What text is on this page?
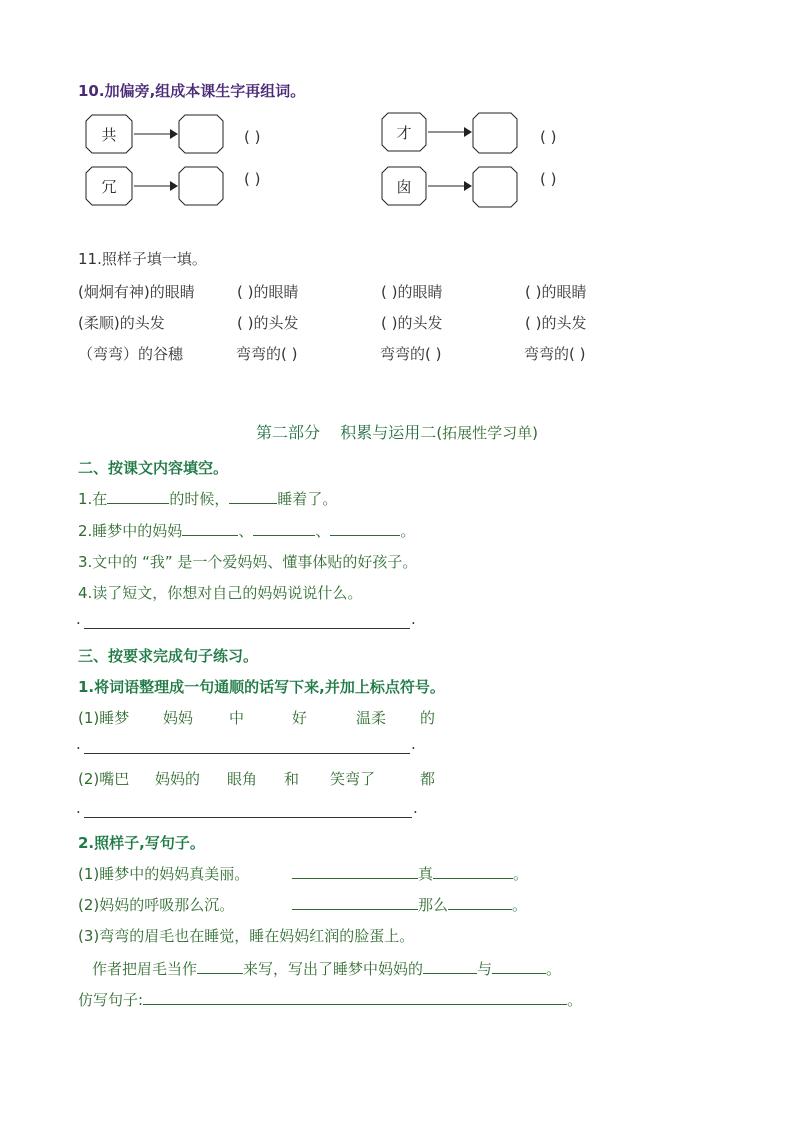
10.加偏旁,组成本课生字再组词。
共	( )
冗	( )
才	( )
囱	( )
11.照样子填一填。
(炯炯有神)的眼睛	( )的眼睛	( )的眼睛	( )的眼睛
(柔顺)的头发	( )的头发	( )的头发	( )的头发
（弯弯）的谷穗	弯弯的( )	弯弯的( )	弯弯的( )
第二部分    积累与运用二(拓展性学习单)
二、按课文内容填空。
1.在	的时候，	睡着了。
2.睡梦中的妈妈	、	、	。
3.文中的 “我” 是一个爱妈妈、懂事体贴的好孩子。
4.读了短文，你想对自己的妈妈说说什么。
.	.
三、按要求完成句子练习。
1.将词语整理成一句通顺的话写下来,并加上标点符号。
(1)睡梦 妈妈 中	好	温柔 的
.	.
(2)嘴巴 妈妈的 眼角 和 笑弯了	都
.	.
2.照样子,写句子。
(1)睡梦中的妈妈真美丽。	真	。
(2)妈妈的呼吸那么沉。	那么	。
(3)弯弯的眉毛也在睡觉，睡在妈妈红润的脸蛋上。
作者把眉毛当作	来写，写出了睡梦中妈妈的	与	。
仿写句子:	。
